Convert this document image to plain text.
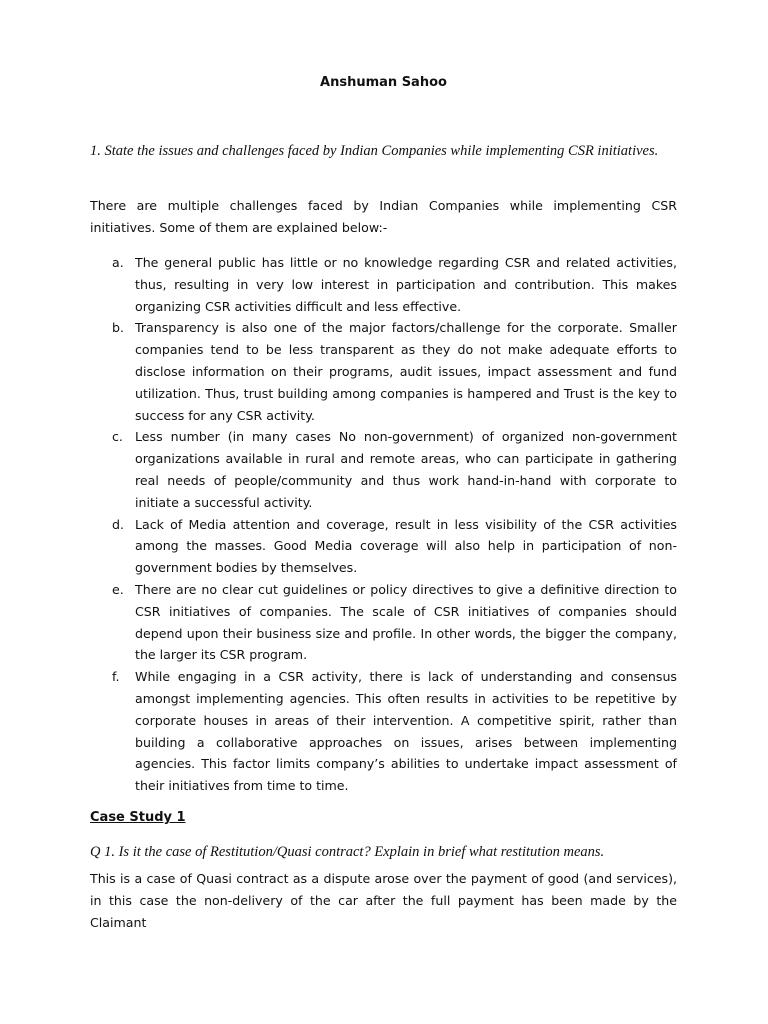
Anshuman Sahoo

1. State the issues and challenges faced by Indian Companies while implementing CSR initiatives.

There are multiple challenges faced by Indian Companies while implementing CSR initiatives. Some of them are explained below:-

a. The general public has little or no knowledge regarding CSR and related activities, thus, resulting in very low interest in participation and contribution. This makes organizing CSR activities difficult and less effective.
b. Transparency is also one of the major factors/challenge for the corporate. Smaller companies tend to be less transparent as they do not make adequate efforts to disclose information on their programs, audit issues, impact assessment and fund utilization. Thus, trust building among companies is hampered and Trust is the key to success for any CSR activity.
c. Less number (in many cases No non-government) of organized non-government organizations available in rural and remote areas, who can participate in gathering real needs of people/community and thus work hand-in-hand with corporate to initiate a successful activity.
d. Lack of Media attention and coverage, result in less visibility of the CSR activities among the masses. Good Media coverage will also help in participation of non-government bodies by themselves.
e. There are no clear cut guidelines or policy directives to give a definitive direction to CSR initiatives of companies. The scale of CSR initiatives of companies should depend upon their business size and profile. In other words, the bigger the company, the larger its CSR program.
f.	While engaging in a CSR activity, there is lack of understanding and consensus amongst implementing agencies. This often results in activities to be repetitive by corporate houses in areas of their intervention. A competitive spirit, rather than building a collaborative approaches on issues, arises between implementing agencies. This factor limits company’s abilities to undertake impact assessment of their initiatives from time to time.

Case Study 1

Q 1. Is it the case of Restitution/Quasi contract? Explain in brief what restitution means.

This is a case of Quasi contract as a dispute arose over the payment of good (and services), in this case the non-delivery of the car after the full payment has been made by the Claimant
